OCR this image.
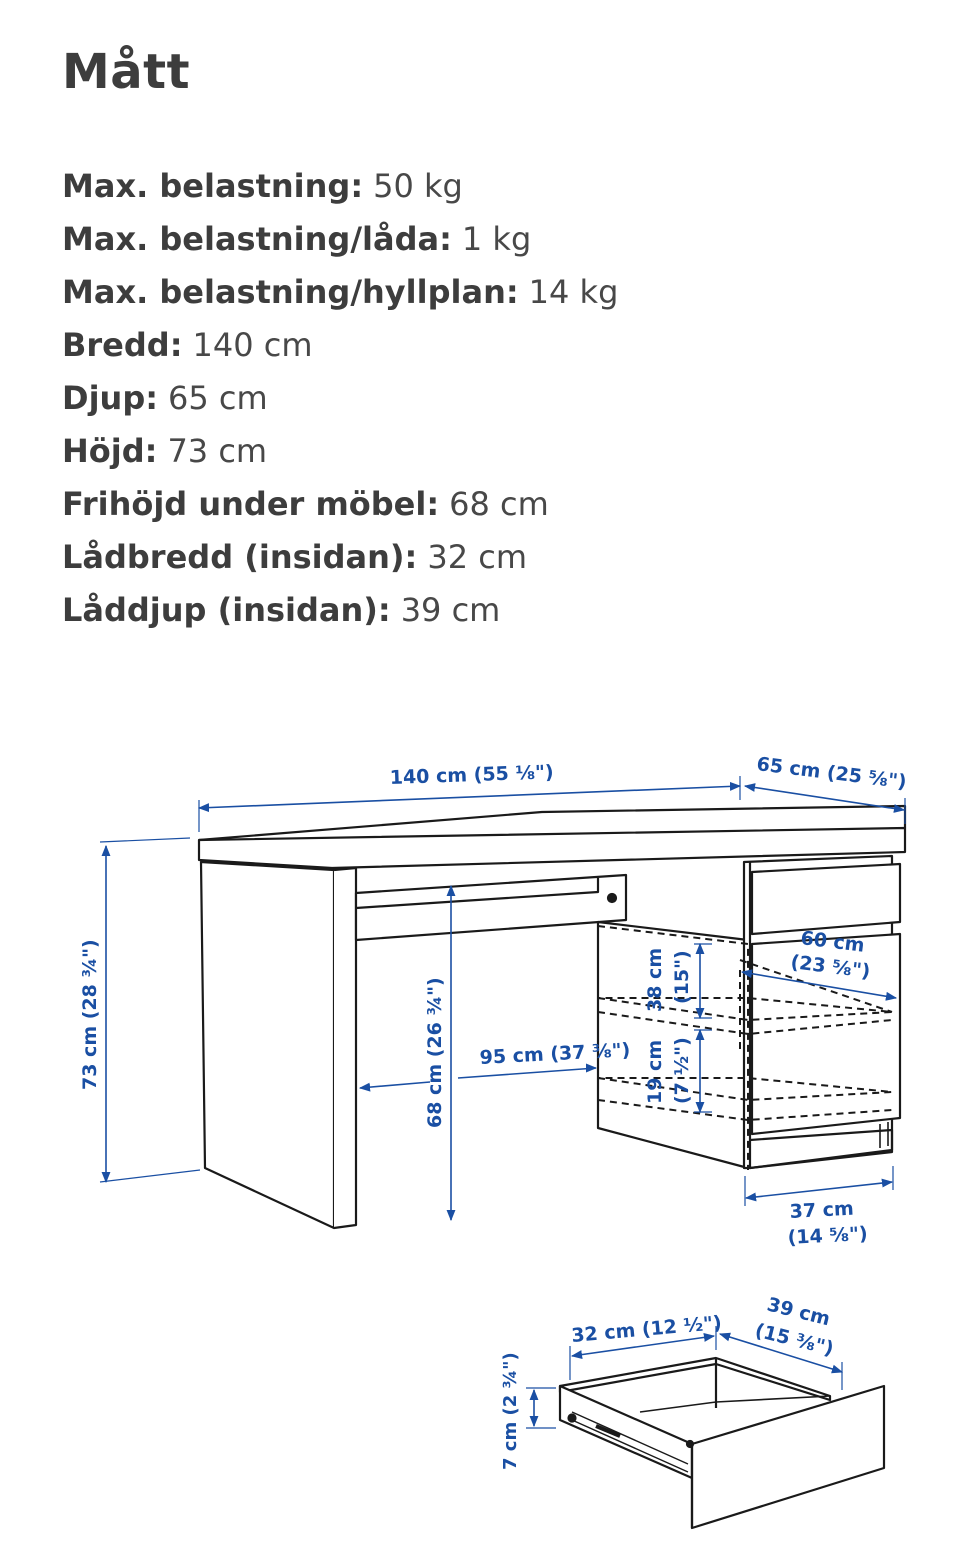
Mått
Max. belastning: 50 kg
Max. belastning/låda: 1 kg
Max. belastning/hyllplan: 14 kg
Bredd: 140 cm
Djup: 65 cm
Höjd: 73 cm
Frihöjd under möbel: 68 cm
Lådbredd (insidan): 32 cm
Låddjup (insidan): 39 cm
140 cm (55 ⅛")	65 cm (25 ⅝")
73 cm (28 ¾")	68 cm (26 ¾") 95 cm (37 ⅜")
60 cm
(23 ⅝")
38 cm (15")
19 cm (7 ½")
37 cm
(14 ⅝")
32 cm (12 ½") 39 cm
(15 ⅜")
7 cm (2 ¾")
